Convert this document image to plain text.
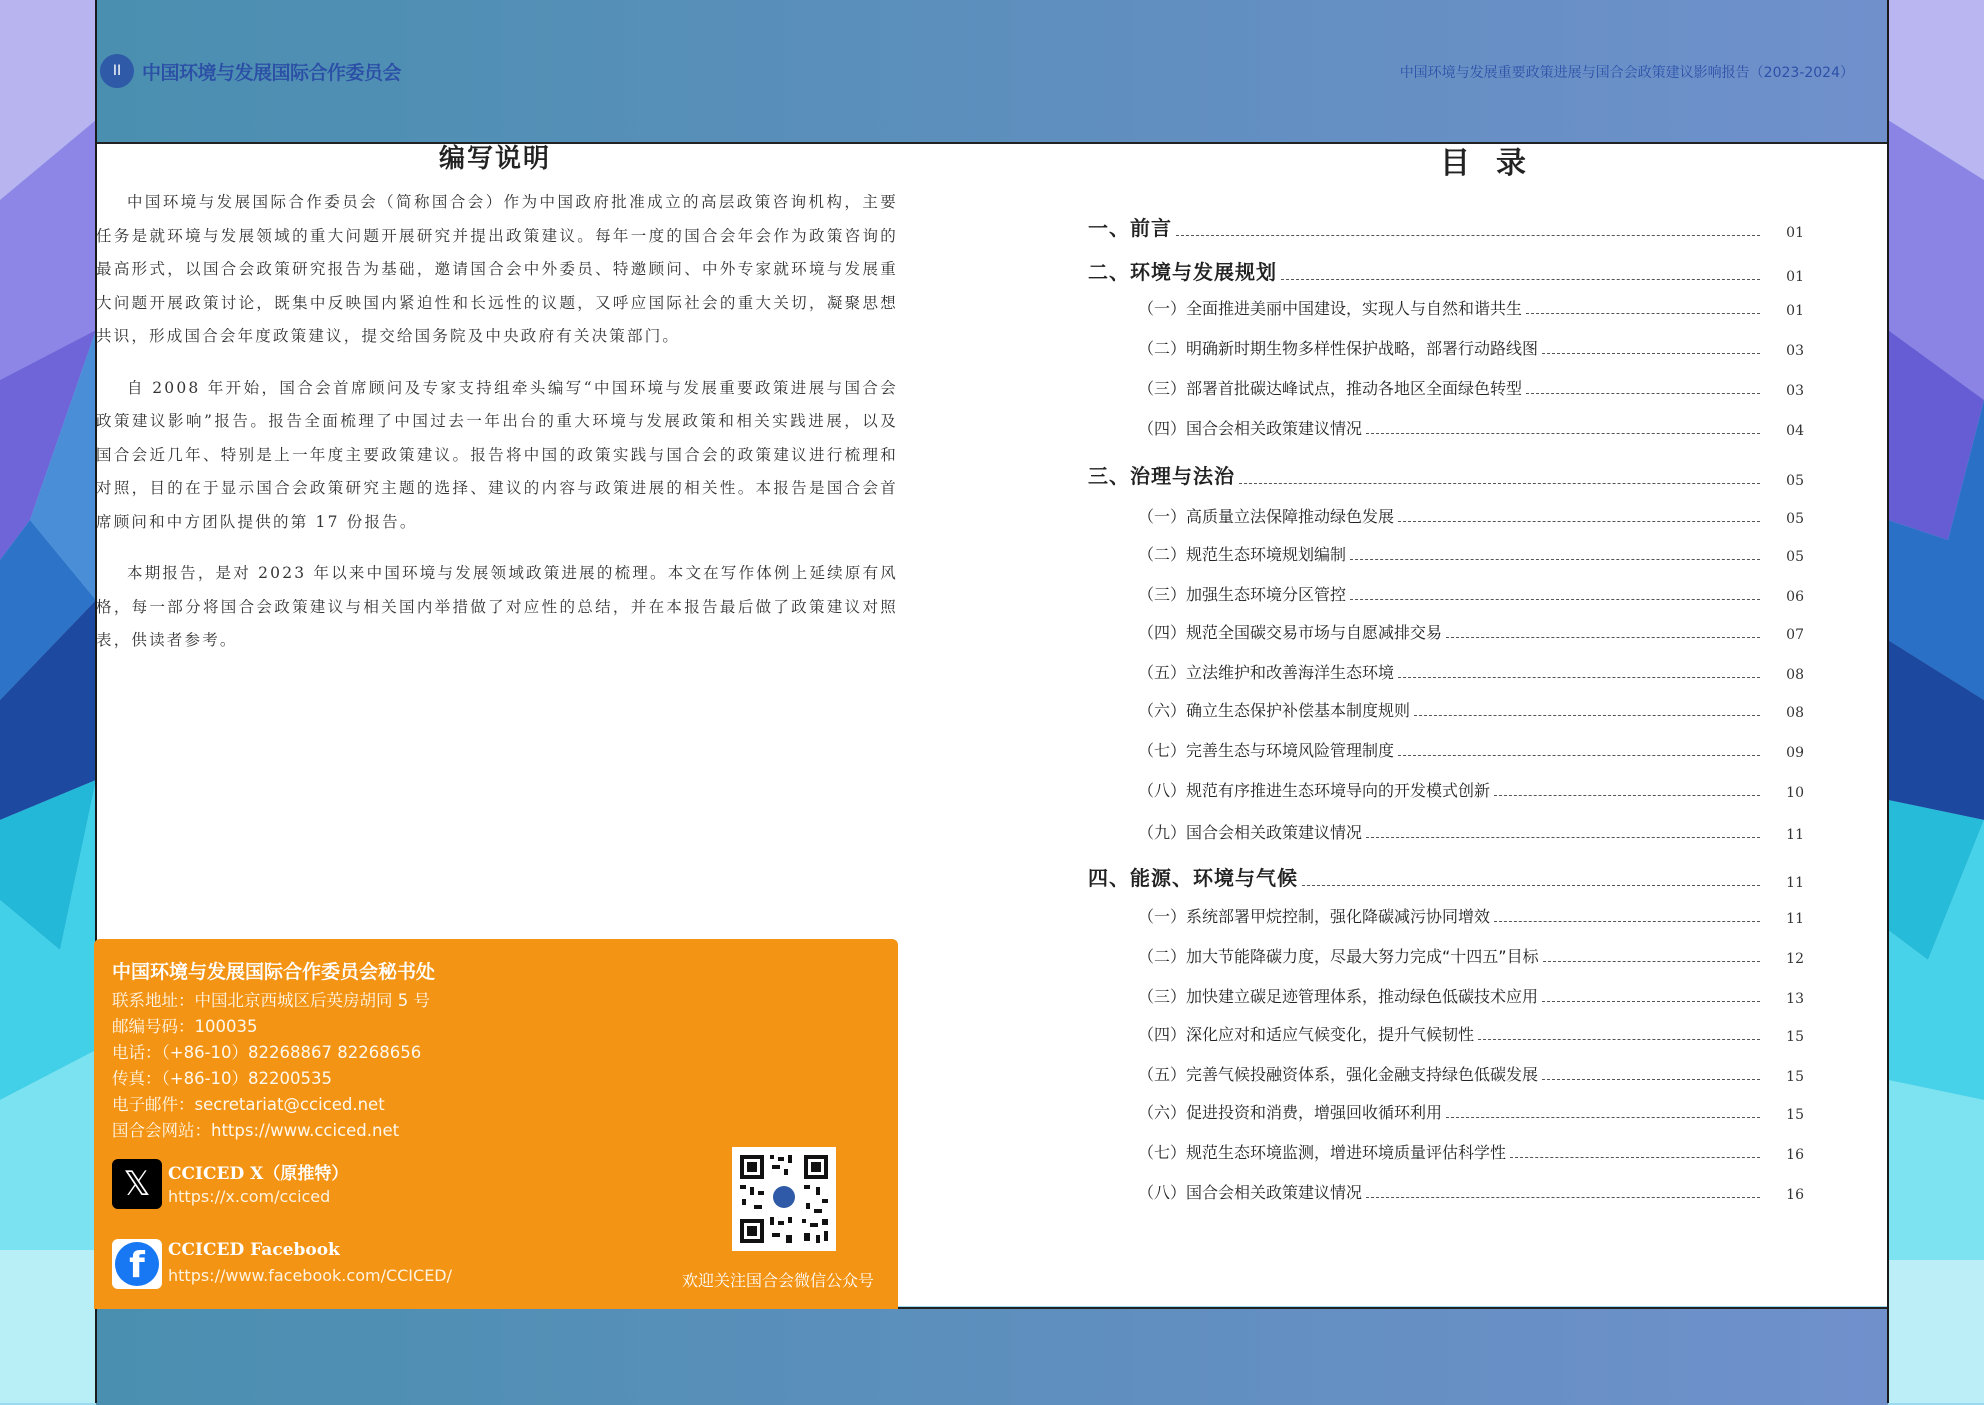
II	中国环境与发展国际合作委员会	中国环境与发展重要政策进展与国合会政策建议影响报告（2023-2024）
编写说明

中国环境与发展国际合作委员会（简称国合会）作为中国政府批准成立的高层政策咨询机构，主要任务是就环境与发展领域的重大问题开展研究并提出政策建议。每年一度的国合会年会作为政策咨询的最高形式，以国合会政策研究报告为基础，邀请国合会中外委员、特邀顾问、中外专家就环境与发展重大问题开展政策讨论，既集中反映国内紧迫性和长远性的议题，又呼应国际社会的重大关切，凝聚思想共识，形成国合会年度政策建议，提交给国务院及中央政府有关决策部门。

自 2008 年开始，国合会首席顾问及专家支持组牵头编写“中国环境与发展重要政策进展与国合会政策建议影响”报告。报告全面梳理了中国过去一年出台的重大环境与发展政策和相关实践进展，以及国合会近几年、特别是上一年度主要政策建议。报告将中国的政策实践与国合会的政策建议进行梳理和对照，目的在于显示国合会政策研究主题的选择、建议的内容与政策进展的相关性。本报告是国合会首席顾问和中方团队提供的第 17 份报告。

本期报告，是对 2023 年以来中国环境与发展领域政策进展的梳理。本文在写作体例上延续原有风格，每一部分将国合会政策建议与相关国内举措做了对应性的总结，并在本报告最后做了政策建议对照表，供读者参考。

中国环境与发展国际合作委员会秘书处
联系地址：中国北京西城区后英房胡同 5 号
邮编号码：100035
电话：（+86-10）82268867 82268656
传真：（+86-10）82200535
电子邮件：secretariat@cciced.net
国合会网站：https://www.cciced.net
𝕏	CCICED X（原推特）
https://x.com/cciced
f	CCICED Facebook
https://www.facebook.com/CCICED/	欢迎关注国合会微信公众号
目录
一、前言	01
二、环境与发展规划	01
（一）全面推进美丽中国建设，实现人与自然和谐共生	01
（二）明确新时期生物多样性保护战略，部署行动路线图	03
（三）部署首批碳达峰试点，推动各地区全面绿色转型	03
（四）国合会相关政策建议情况	04
三、治理与法治	05
（一）高质量立法保障推动绿色发展	05
（二）规范生态环境规划编制	05
（三）加强生态环境分区管控	06
（四）规范全国碳交易市场与自愿减排交易	07
（五）立法维护和改善海洋生态环境	08
（六）确立生态保护补偿基本制度规则	08
（七）完善生态与环境风险管理制度	09
（八）规范有序推进生态环境导向的开发模式创新	10
（九）国合会相关政策建议情况	11
四、能源、环境与气候	11
（一）系统部署甲烷控制，强化降碳减污协同增效	11
（二）加大节能降碳力度，尽最大努力完成“十四五”目标	12
（三）加快建立碳足迹管理体系，推动绿色低碳技术应用	13
（四）深化应对和适应气候变化，提升气候韧性	15
（五）完善气候投融资体系，强化金融支持绿色低碳发展	15
（六）促进投资和消费，增强回收循环利用	15
（七）规范生态环境监测，增进环境质量评估科学性	16
（八）国合会相关政策建议情况	16
